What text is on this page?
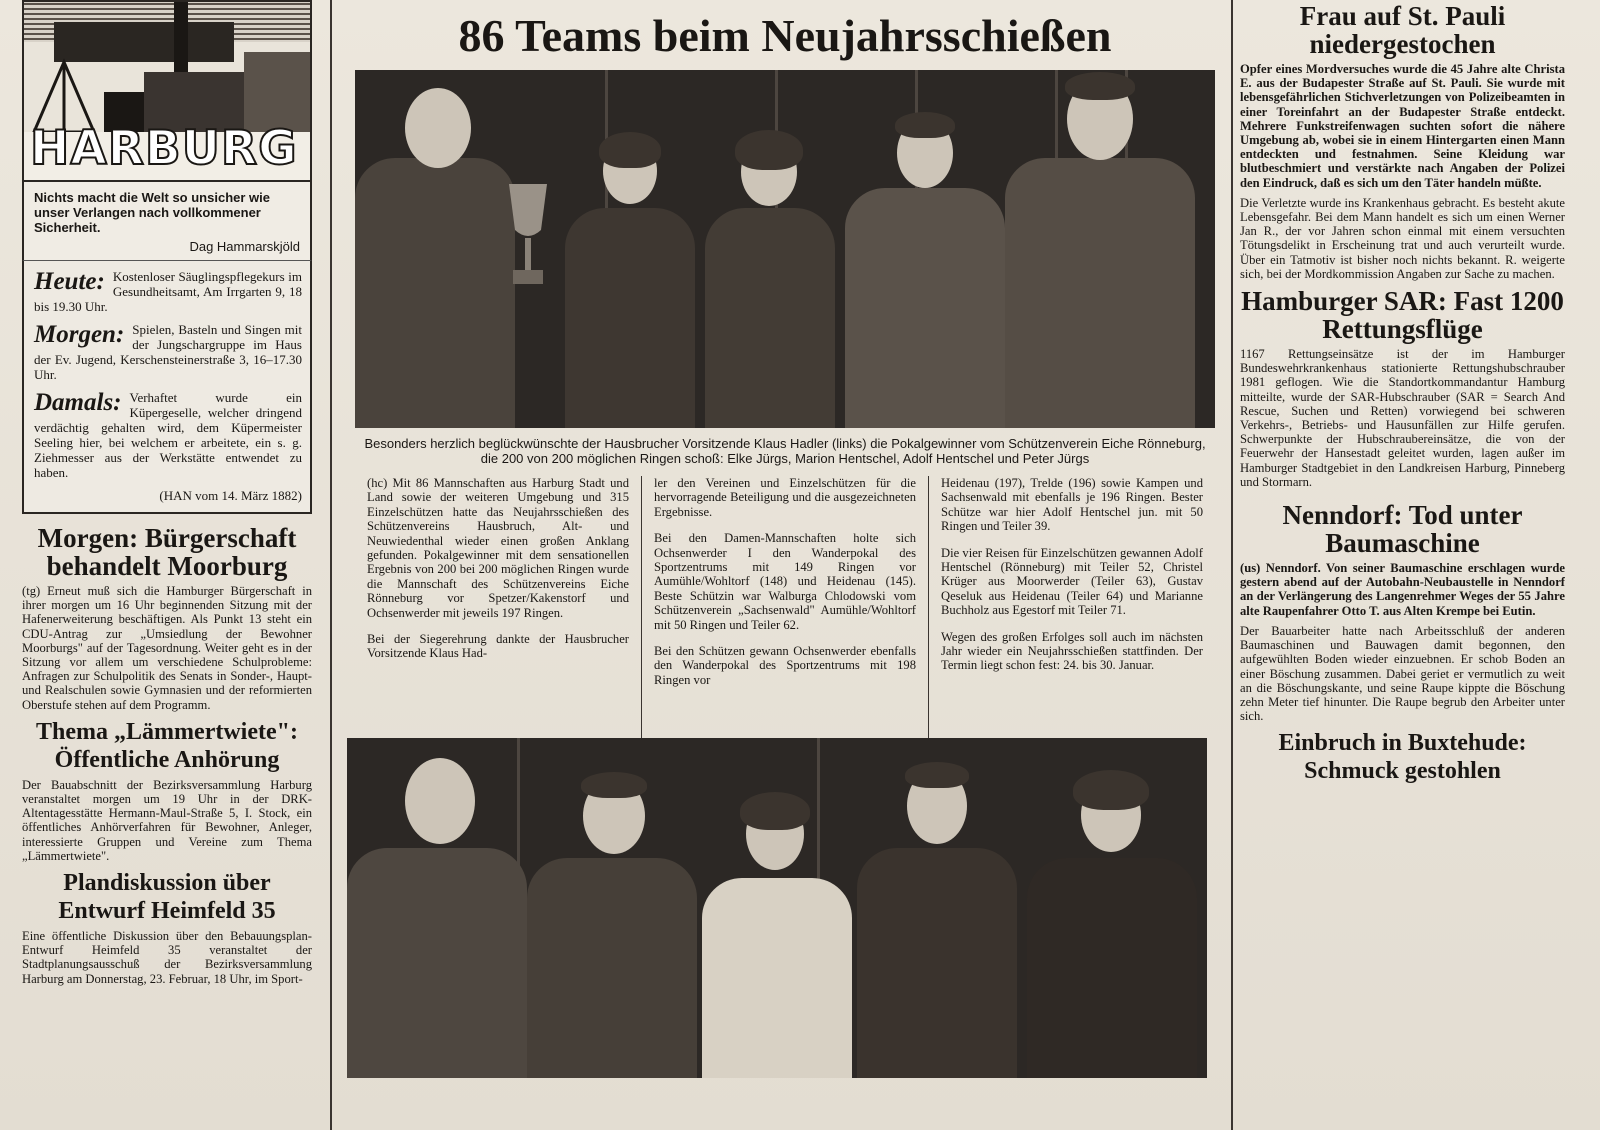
HARBURG
Nichts macht die Welt so unsicher wie unser Verlangen nach vollkommener Sicherheit.
Dag Hammarskjöld
Heute: Kostenloser Säuglingspflegekurs im Gesundheitsamt, Am Irrgarten 9, 18 bis 19.30 Uhr.
Morgen: Spielen, Basteln und Singen mit der Jungschargruppe im Haus der Ev. Jugend, Kerschensteinerstraße 3, 16–17.30 Uhr.
Damals: Verhaftet wurde ein Küpergeselle, welcher dringend verdächtig gehalten wird, dem Küpermeister Seeling hier, bei welchem er arbeitete, ein s. g. Ziehmesser aus der Werkstätte entwendet zu haben.
(HAN vom 14. März 1882)
Morgen: Bürgerschaft behandelt Moorburg
(tg) Erneut muß sich die Hamburger Bürgerschaft in ihrer morgen um 16 Uhr beginnenden Sitzung mit der Hafenerweiterung beschäftigen. Als Punkt 13 steht ein CDU-Antrag zur „Umsiedlung der Bewohner Moorburgs" auf der Tagesordnung. Weiter geht es in der Sitzung vor allem um verschiedene Schulprobleme: Anfragen zur Schulpolitik des Senats in Sonder-, Haupt- und Realschulen sowie Gymnasien und der reformierten Oberstufe stehen auf dem Programm.
Thema „Lämmertwiete": Öffentliche Anhörung
Der Bauabschnitt der Bezirksversammlung Harburg veranstaltet morgen um 19 Uhr in der DRK-Altentagesstätte Hermann-Maul-Straße 5, I. Stock, ein öffentliches Anhörverfahren für Bewohner, Anleger, interessierte Gruppen und Vereine zum Thema „Lämmertwiete".
Plandiskussion über Entwurf Heimfeld 35
Eine öffentliche Diskussion über den Bebauungsplan-Entwurf Heimfeld 35 veranstaltet der Stadtplanungsausschuß der Bezirksversammlung Harburg am Donnerstag, 23. Februar, 18 Uhr, im Sport-
86 Teams beim Neujahrsschießen
Besonders herzlich beglückwünschte der Hausbrucher Vorsitzende Klaus Hadler (links) die Pokalgewinner vom Schützenverein Eiche Rönneburg, die 200 von 200 möglichen Ringen schoß: Elke Jürgs, Marion Hentschel, Adolf Hentschel und Peter Jürgs

(hc) Mit 86 Mannschaften aus Harburg Stadt und Land sowie der weiteren Umgebung und 315 Einzelschützen hatte das Neujahrsschießen des Schützenvereins Hausbruch, Alt- und Neuwiedenthal wieder einen großen Anklang gefunden. Pokalgewinner mit dem sensationellen Ergebnis von 200 bei 200 möglichen Ringen wurde die Mannschaft des Schützenvereins Eiche Rönneburg vor Spetzer/Kakenstorf und Ochsenwerder mit jeweils 197 Ringen.

Bei der Siegerehrung dankte der Hausbrucher Vorsitzende Klaus Had-

ler den Vereinen und Einzelschützen für die hervorragende Beteiligung und die ausgezeichneten Ergebnisse.

Bei den Damen-Mannschaften holte sich Ochsenwerder I den Wanderpokal des Sportzentrums mit 149 Ringen vor Aumühle/Wohltorf (148) und Heidenau (145). Beste Schützin war Walburga Chlodowski vom Schützenverein „Sachsenwald" Aumühle/Wohltorf mit 50 Ringen und Teiler 62.

Bei den Schützen gewann Ochsenwerder ebenfalls den Wanderpokal des Sportzentrums mit 198 Ringen vor

Heidenau (197), Trelde (196) sowie Kampen und Sachsenwald mit ebenfalls je 196 Ringen. Bester Schütze war hier Adolf Hentschel jun. mit 50 Ringen und Teiler 39.

Die vier Reisen für Einzelschützen gewannen Adolf Hentschel (Rönneburg) mit Teiler 52, Christel Krüger aus Moorwerder (Teiler 63), Gustav Qeseluk aus Heidenau (Teiler 64) und Marianne Buchholz aus Egestorf mit Teiler 71.

Wegen des großen Erfolges soll auch im nächsten Jahr wieder ein Neujahrsschießen stattfinden. Der Termin liegt schon fest: 24. bis 30. Januar.

Frau auf St. Pauli niedergestochen
Opfer eines Mordversuches wurde die 45 Jahre alte Christa E. aus der Budapester Straße auf St. Pauli. Sie wurde mit lebensgefährlichen Stichverletzungen von Polizeibeamten in einer Toreinfahrt an der Budapester Straße entdeckt. Mehrere Funkstreifenwagen suchten sofort die nähere Umgebung ab, wobei sie in einem Hintergarten einen Mann entdeckten und festnahmen. Seine Kleidung war blutbeschmiert und verstärkte nach Angaben der Polizei den Eindruck, daß es sich um den Täter handeln müßte.
Die Verletzte wurde ins Krankenhaus gebracht. Es besteht akute Lebensgefahr. Bei dem Mann handelt es sich um einen Werner Jan R., der vor Jahren schon einmal mit einem versuchten Tötungsdelikt in Erscheinung trat und auch verurteilt wurde. Über ein Tatmotiv ist bisher noch nichts bekannt. R. weigerte sich, bei der Mordkommission Angaben zur Sache zu machen.
Hamburger SAR: Fast 1200 Rettungsflüge
1167 Rettungseinsätze ist der im Hamburger Bundeswehrkrankenhaus stationierte Rettungshubschrauber 1981 geflogen. Wie die Standortkommandantur Hamburg mitteilte, wurde der SAR-Hubschrauber (SAR = Search And Rescue, Suchen und Retten) vorwiegend bei schweren Verkehrs-, Betriebs- und Hausunfällen zur Hilfe gerufen. Schwerpunkte der Hubschraubereinsätze, die von der Feuerwehr der Hansestadt geleitet wurden, lagen außer im Hamburger Stadtgebiet in den Landkreisen Harburg, Pinneberg und Stormarn.
Nenndorf: Tod unter Baumaschine
(us) Nenndorf. Von seiner Baumaschine erschlagen wurde gestern abend auf der Autobahn-Neubaustelle in Nenndorf an der Verlängerung des Langenrehmer Weges der 55 Jahre alte Raupenfahrer Otto T. aus Alten Krempe bei Eutin.
Der Bauarbeiter hatte nach Arbeitsschluß der anderen Baumaschinen und Bauwagen damit begonnen, den aufgewühlten Boden wieder einzuebnen. Er schob Boden an einer Böschung zusammen. Dabei geriet er vermutlich zu weit an die Böschungskante, und seine Raupe kippte die Böschung zehn Meter tief hinunter. Die Raupe begrub den Arbeiter unter sich.
Einbruch in Buxtehude: Schmuck gestohlen
